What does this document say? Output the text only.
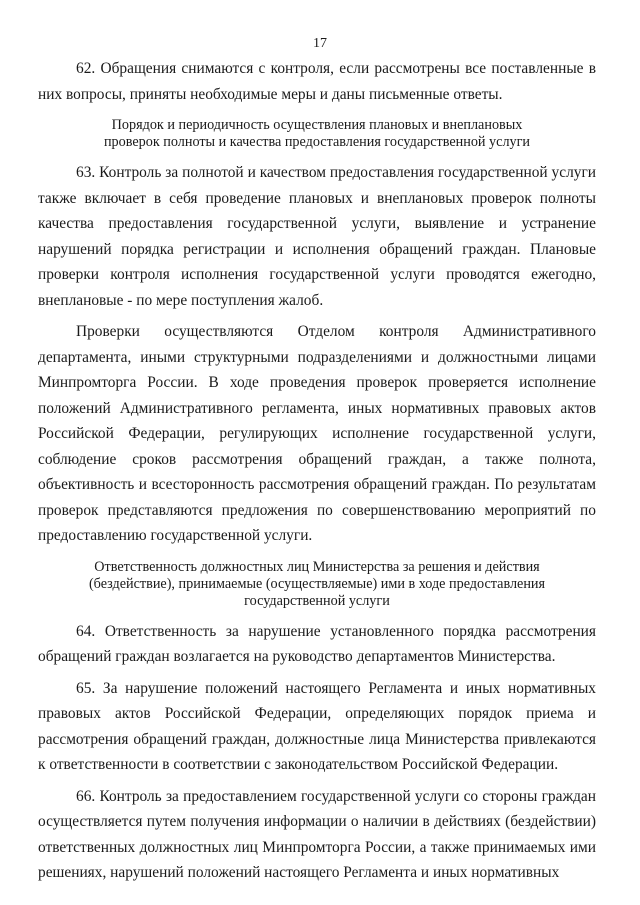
17

62. Обращения снимаются с контроля, если рассмотрены все поставленные в них вопросы, приняты необходимые меры и даны письменные ответы.

Порядок и периодичность осуществления плановых и внеплановых
проверок полноты и качества предоставления государственной услуги

63. Контроль за полнотой и качеством предоставления государственной услуги также включает в себя проведение плановых и внеплановых проверок полноты качества предоставления государственной услуги, выявление и устранение нарушений порядка регистрации и исполнения обращений граждан. Плановые проверки контроля исполнения государственной услуги проводятся ежегодно, внеплановые - по мере поступления жалоб.

Проверки осуществляются Отделом контроля Административного департамента, иными структурными подразделениями и должностными лицами Минпромторга России. В ходе проведения проверок проверяется исполнение положений Административного регламента, иных нормативных правовых актов Российской Федерации, регулирующих исполнение государственной услуги, соблюдение сроков рассмотрения обращений граждан, а также полнота, объективность и всесторонность рассмотрения обращений граждан. По результатам проверок представляются предложения по совершенствованию мероприятий по предоставлению государственной услуги.

Ответственность должностных лиц Министерства за решения и действия
(бездействие), принимаемые (осуществляемые) ими в ходе предоставления
государственной услуги

64. Ответственность за нарушение установленного порядка рассмотрения обращений граждан возлагается на руководство департаментов Министерства.

65. За нарушение положений настоящего Регламента и иных нормативных правовых актов Российской Федерации, определяющих порядок приема и рассмотрения обращений граждан, должностные лица Министерства привлекаются к ответственности в соответствии с законодательством Российской Федерации.

66. Контроль за предоставлением государственной услуги со стороны граждан осуществляется путем получения информации о наличии в действиях (бездействии) ответственных должностных лиц Минпромторга России, а также принимаемых ими решениях, нарушений положений настоящего Регламента и иных нормативных
